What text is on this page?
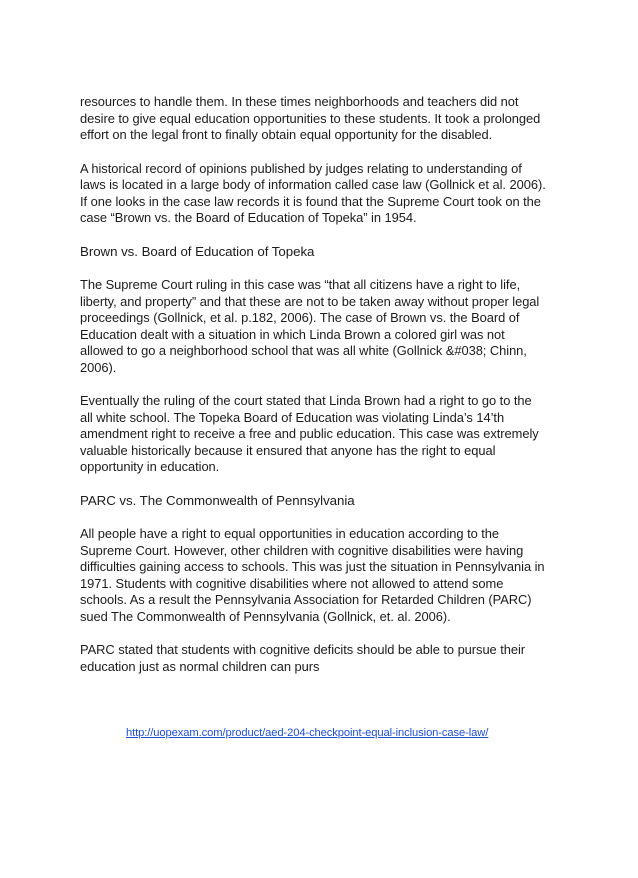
resources to handle them. In these times neighborhoods and teachers did not
desire to give equal education opportunities to these students. It took a prolonged
effort on the legal front to finally obtain equal opportunity for the disabled.

A historical record of opinions published by judges relating to understanding of
laws is located in a large body of information called case law (Gollnick et al. 2006).
If one looks in the case law records it is found that the Supreme Court took on the
case “Brown vs. the Board of Education of Topeka” in 1954.

Brown vs. Board of Education of Topeka

The Supreme Court ruling in this case was “that all citizens have a right to life,
liberty, and property” and that these are not to be taken away without proper legal
proceedings (Gollnick, et al. p.182, 2006). The case of Brown vs. the Board of
Education dealt with a situation in which Linda Brown a colored girl was not
allowed to go a neighborhood school that was all white (Gollnick &#038; Chinn,
2006).

Eventually the ruling of the court stated that Linda Brown had a right to go to the
all white school. The Topeka Board of Education was violating Linda’s 14’th
amendment right to receive a free and public education. This case was extremely
valuable historically because it ensured that anyone has the right to equal
opportunity in education.

PARC vs. The Commonwealth of Pennsylvania

All people have a right to equal opportunities in education according to the
Supreme Court. However, other children with cognitive disabilities were having
difficulties gaining access to schools. This was just the situation in Pennsylvania in
1971. Students with cognitive disabilities where not allowed to attend some
schools. As a result the Pennsylvania Association for Retarded Children (PARC)
sued The Commonwealth of Pennsylvania (Gollnick, et. al. 2006).

PARC stated that students with cognitive deficits should be able to pursue their
education just as normal children can purs

http://uopexam.com/product/aed-204-checkpoint-equal-inclusion-case-law/
